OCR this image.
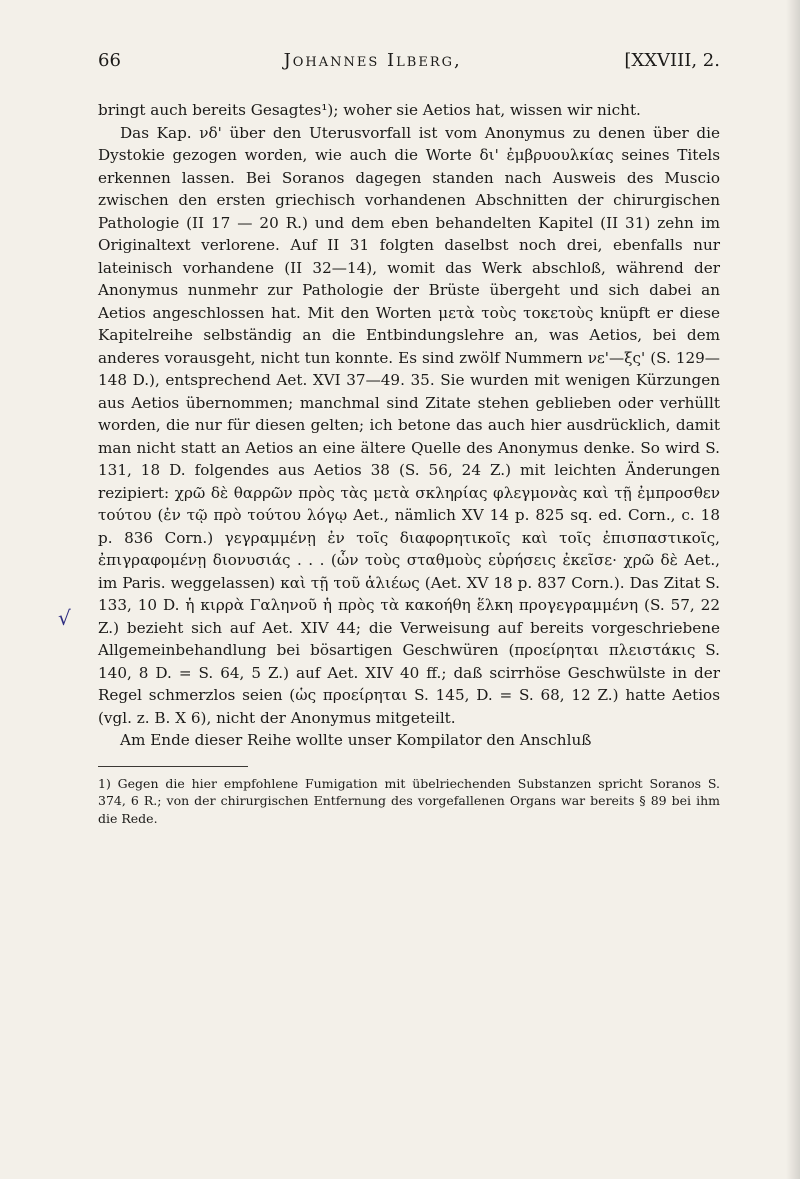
√
66	Johannes Ilberg,	[XXVIII, 2.

bringt auch bereits Gesagtes¹); woher sie Aetios hat, wissen wir nicht.

Das Kap. νδ' über den Uterusvorfall ist vom Anonymus zu denen über die Dystokie gezogen worden, wie auch die Worte δι' ἐμβρυουλκίας seines Titels erkennen lassen. Bei Soranos dagegen standen nach Ausweis des Muscio zwischen den ersten griechisch vorhandenen Abschnitten der chirurgischen Pathologie (II 17 — 20 R.) und dem eben behandelten Kapitel (II 31) zehn im Originaltext verlorene. Auf II 31 folgten daselbst noch drei, ebenfalls nur lateinisch vorhandene (II 32—14), womit das Werk abschloß, während der Anonymus nunmehr zur Pathologie der Brüste übergeht und sich dabei an Aetios angeschlossen hat. Mit den Worten μετὰ τοὺς τοκετοὺς knüpft er diese Kapitelreihe selbständig an die Entbindungslehre an, was Aetios, bei dem anderes vorausgeht, nicht tun konnte. Es sind zwölf Nummern νε'—ξς' (S. 129—148 D.), entsprechend Aet. XVI 37—49. 35. Sie wurden mit wenigen Kürzungen aus Aetios übernommen; manchmal sind Zitate stehen geblieben oder verhüllt worden, die nur für diesen gelten; ich betone das auch hier ausdrücklich, damit man nicht statt an Aetios an eine ältere Quelle des Anonymus denke. So wird S. 131, 18 D. folgendes aus Aetios 38 (S. 56, 24 Z.) mit leichten Änderungen rezipiert: χρῶ δὲ θαρρῶν πρὸς τὰς μετὰ σκληρίας φλεγμονὰς καὶ τῇ ἐμπροσθεν τούτου (ἐν τῷ πρὸ τούτου λόγῳ Aet., nämlich XV 14 p. 825 sq. ed. Corn., c. 18 p. 836 Corn.) γεγραμμένῃ ἐν τοῖς διαφορητικοῖς καὶ τοῖς ἐπισπαστικοῖς, ἐπιγραφομένῃ διονυσιάς . . . (ὧν τοὺς σταθμοὺς εὑρήσεις ἐκεῖσε· χρῶ δὲ Aet., im Paris. weggelassen) καὶ τῇ τοῦ ἁλιέως (Aet. XV 18 p. 837 Corn.). Das Zitat S. 133, 10 D. ἡ κιρρὰ Γαληνοῦ ἡ πρὸς τὰ κακοήθη ἕλκη προγεγραμμένη (S. 57, 22 Z.) bezieht sich auf Aet. XIV 44; die Verweisung auf bereits vorgeschriebene Allgemeinbehandlung bei bösartigen Geschwüren (προείρηται πλειστάκις S. 140, 8 D. = S. 64, 5 Z.) auf Aet. XIV 40 ff.; daß scirrhöse Geschwülste in der Regel schmerzlos seien (ὡς προείρηται S. 145, D. = S. 68, 12 Z.) hatte Aetios (vgl. z. B. X 6), nicht der Anonymus mitgeteilt.

Am Ende dieser Reihe wollte unser Kompilator den Anschluß

1) Gegen die hier empfohlene Fumigation mit übelriechenden Substanzen spricht Soranos S. 374, 6 R.; von der chirurgischen Entfernung des vorgefallenen Organs war bereits § 89 bei ihm die Rede.
